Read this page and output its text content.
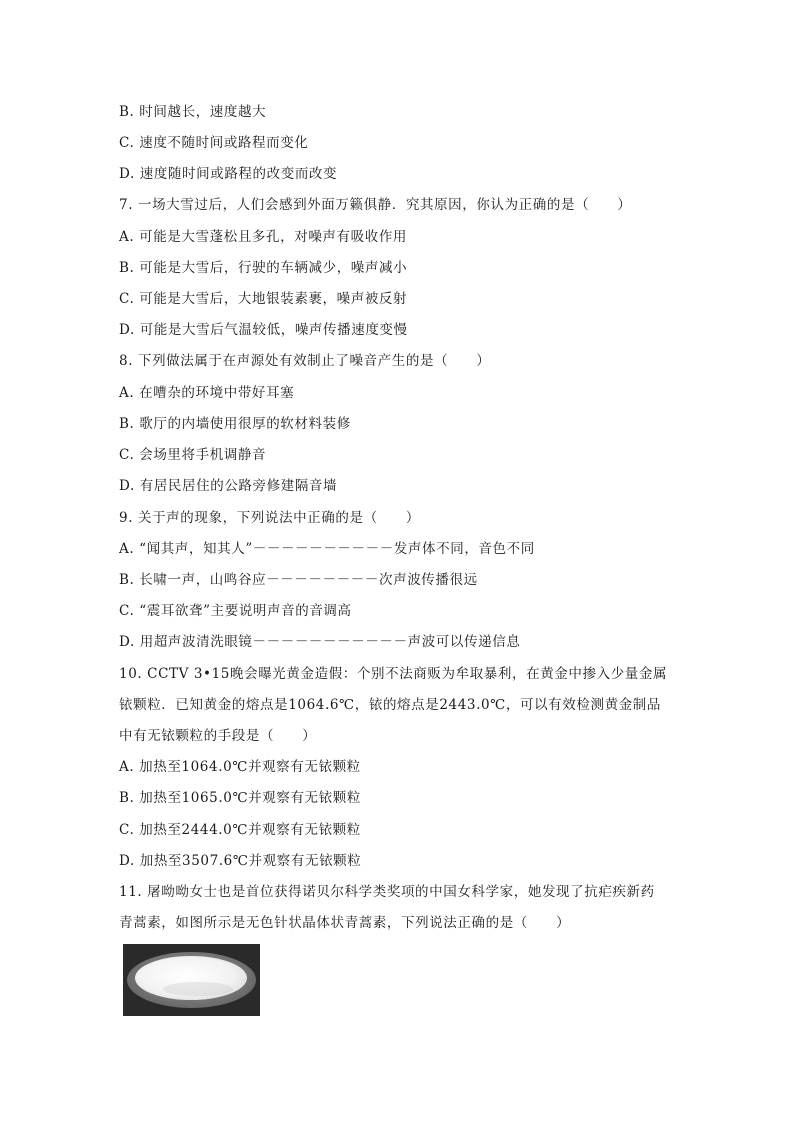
B. 时间越长，速度越大
C. 速度不随时间或路程而变化
D. 速度随时间或路程的改变而改变
7. 一场大雪过后，人们会感到外面万籁俱静．究其原因，你认为正确的是（　　）
A. 可能是大雪蓬松且多孔，对噪声有吸收作用
B. 可能是大雪后，行驶的车辆减少，噪声减小
C. 可能是大雪后，大地银装素裹，噪声被反射
D. 可能是大雪后气温较低，噪声传播速度变慢
8. 下列做法属于在声源处有效制止了噪音产生的是（　　）
A. 在嘈杂的环境中带好耳塞
B. 歌厅的内墙使用很厚的软材料装修
C. 会场里将手机调静音
D. 有居民居住的公路旁修建隔音墙
9. 关于声的现象，下列说法中正确的是（　　）
A. “闻其声，知其人”－－－－－－－－－－发声体不同，音色不同
B. 长啸一声，山鸣谷应－－－－－－－－次声波传播很远
C. “震耳欲聋”主要说明声音的音调高
D. 用超声波清洗眼镜－－－－－－－－－－－声波可以传递信息
10. CCTV 3•15晚会曝光黄金造假：个别不法商贩为牟取暴利，在黄金中掺入少量金属
铱颗粒．已知黄金的熔点是1064.6℃，铱的熔点是2443.0℃，可以有效检测黄金制品
中有无铱颗粒的手段是（　　）
A. 加热至1064.0℃并观察有无铱颗粒
B. 加热至1065.0℃并观察有无铱颗粒
C. 加热至2444.0℃并观察有无铱颗粒
D. 加热至3507.6℃并观察有无铱颗粒
11. 屠呦呦女士也是首位获得诺贝尔科学类奖项的中国女科学家，她发现了抗疟疾新药
青蒿素，如图所示是无色针状晶体状青蒿素，下列说法正确的是（　　）
